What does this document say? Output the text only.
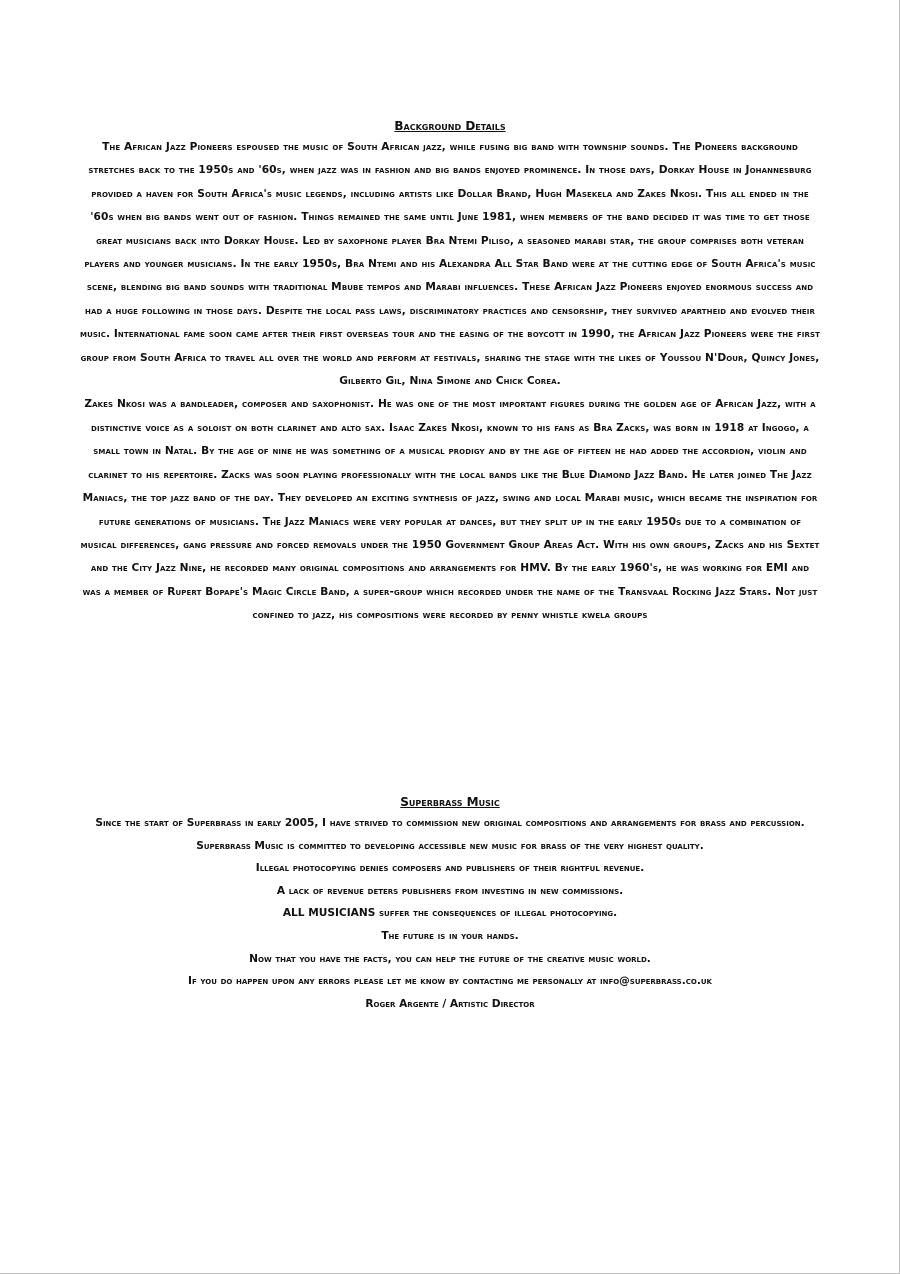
Background Details

The African Jazz Pioneers espoused the music of South African jazz, while fusing big band with township sounds. The Pioneers background stretches back to the 1950s and '60s, when jazz was in fashion and big bands enjoyed prominence. In those days, Dorkay House in Johannesburg provided a haven for South Africa's music legends, including artists like Dollar Brand, Hugh Masekela and Zakes Nkosi. This all ended in the '60s when big bands went out of fashion. Things remained the same until June 1981, when members of the band decided it was time to get those great musicians back into Dorkay House. Led by saxophone player Bra Ntemi Piliso, a seasoned marabi star, the group comprises both veteran players and younger musicians. In the early 1950s, Bra Ntemi and his Alexandra All Star Band were at the cutting edge of South Africa's music scene, blending big band sounds with traditional Mbube tempos and Marabi influences. These African Jazz Pioneers enjoyed enormous success and had a huge following in those days. Despite the local pass laws, discriminatory practices and censorship, they survived apartheid and evolved their music. International fame soon came after their first overseas tour and the easing of the boycott in 1990, the African Jazz Pioneers were the first group from South Africa to travel all over the world and perform at festivals, sharing the stage with the likes of Youssou N'Dour, Quincy Jones, Gilberto Gil, Nina Simone and Chick Corea.

Zakes Nkosi was a bandleader, composer and saxophonist. He was one of the most important figures during the golden age of African Jazz, with a distinctive voice as a soloist on both clarinet and alto sax. Isaac Zakes Nkosi, known to his fans as Bra Zacks, was born in 1918 at Ingogo, a small town in Natal. By the age of nine he was something of a musical prodigy and by the age of fifteen he had added the accordion, violin and clarinet to his repertoire. Zacks was soon playing professionally with the local bands like the Blue Diamond Jazz Band. He later joined The Jazz Maniacs, the top jazz band of the day. They developed an exciting synthesis of jazz, swing and local Marabi music, which became the inspiration for future generations of musicians. The Jazz Maniacs were very popular at dances, but they split up in the early 1950s due to a combination of musical differences, gang pressure and forced removals under the 1950 Government Group Areas Act. With his own groups, Zacks and his Sextet and the City Jazz Nine, he recorded many original compositions and arrangements for HMV. By the early 1960's, he was working for EMI and was a member of Rupert Bopape's Magic Circle Band, a super-group which recorded under the name of the Transvaal Rocking Jazz Stars. Not just confined to jazz, his compositions were recorded by penny whistle kwela groups

Superbrass Music

Since the start of Superbrass in early 2005, I have strived to commission new original compositions and arrangements for brass and percussion.

Superbrass Music is committed to developing accessible new music for brass of the very highest quality.

Illegal photocopying denies composers and publishers of their rightful revenue.

A lack of revenue deters publishers from investing in new commissions.

ALL MUSICIANS suffer the consequences of illegal photocopying.

The future is in your hands.

Now that you have the facts, you can help the future of the creative music world.

If you do happen upon any errors please let me know by contacting me personally at info@superbrass.co.uk

Roger Argente / Artistic Director
